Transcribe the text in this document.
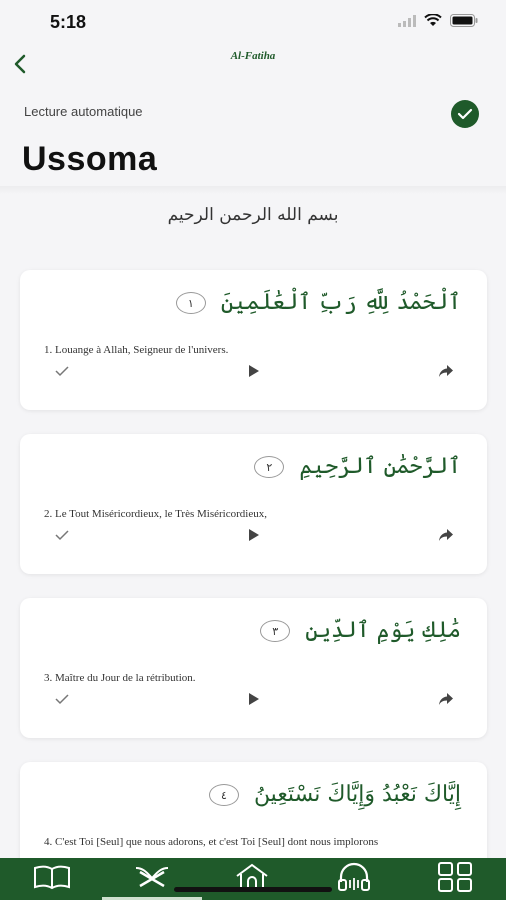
5:18
Al-Fatiha
Lecture automatique
Ussoma
بسم الله الرحمن الرحيم
ٱلْحَمْدُ لِلَّهِ رَبِّ ٱلْعَٰلَمِينَ ١
1. Louange à Allah, Seigneur de l'univers.
ٱلرَّحْمَٰنِ ٱلرَّحِيمِ ٢
2. Le Tout Miséricordieux, le Très Miséricordieux,
مَٰلِكِ يَوْمِ ٱلدِّينِ ٣
3. Maître du Jour de la rétribution.
إِيَّاكَ نَعْبُدُ وَإِيَّاكَ نَسْتَعِينُ ٤
4. C'est Toi [Seul] que nous adorons, et c'est Toi [Seul] dont nous implorons
